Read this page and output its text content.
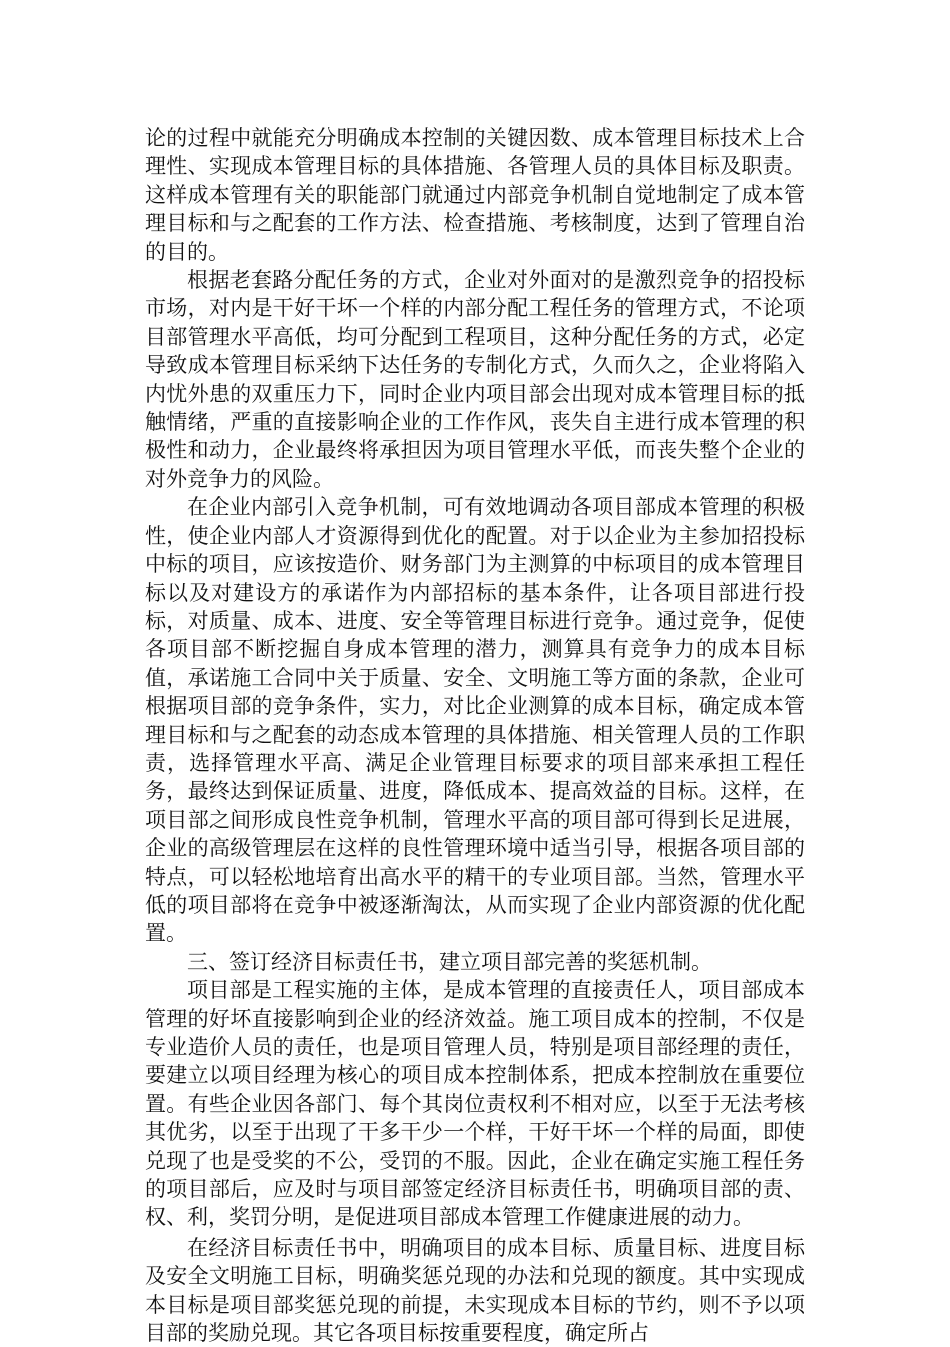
论的过程中就能充分明确成本控制的关键因数、成本管理目标技术上合理性、实现成本管理目标的具体措施、各管理人员的具体目标及职责。这样成本管理有关的职能部门就通过内部竞争机制自觉地制定了成本管理目标和与之配套的工作方法、检查措施、考核制度，达到了管理自治的目的。

根据老套路分配任务的方式，企业对外面对的是激烈竞争的招投标市场，对内是干好干坏一个样的内部分配工程任务的管理方式，不论项目部管理水平高低，均可分配到工程项目，这种分配任务的方式，必定导致成本管理目标采纳下达任务的专制化方式，久而久之，企业将陷入内忧外患的双重压力下，同时企业内项目部会出现对成本管理目标的抵触情绪，严重的直接影响企业的工作作风，丧失自主进行成本管理的积极性和动力，企业最终将承担因为项目管理水平低，而丧失整个企业的对外竞争力的风险。

在企业内部引入竞争机制，可有效地调动各项目部成本管理的积极性，使企业内部人才资源得到优化的配置。对于以企业为主参加招投标中标的项目，应该按造价、财务部门为主测算的中标项目的成本管理目标以及对建设方的承诺作为内部招标的基本条件，让各项目部进行投标，对质量、成本、进度、安全等管理目标进行竞争。通过竞争，促使各项目部不断挖掘自身成本管理的潜力，测算具有竞争力的成本目标值，承诺施工合同中关于质量、安全、文明施工等方面的条款，企业可根据项目部的竞争条件，实力，对比企业测算的成本目标，确定成本管理目标和与之配套的动态成本管理的具体措施、相关管理人员的工作职责，选择管理水平高、满足企业管理目标要求的项目部来承担工程任务，最终达到保证质量、进度，降低成本、提高效益的目标。这样，在项目部之间形成良性竞争机制，管理水平高的项目部可得到长足进展，企业的高级管理层在这样的良性管理环境中适当引导，根据各项目部的特点，可以轻松地培育出高水平的精干的专业项目部。当然，管理水平低的项目部将在竞争中被逐渐淘汰，从而实现了企业内部资源的优化配置。

三、签订经济目标责任书，建立项目部完善的奖惩机制。

项目部是工程实施的主体，是成本管理的直接责任人，项目部成本管理的好坏直接影响到企业的经济效益。施工项目成本的控制，不仅是专业造价人员的责任，也是项目管理人员，特别是项目部经理的责任，要建立以项目经理为核心的项目成本控制体系，把成本控制放在重要位置。有些企业因各部门、每个其岗位责权利不相对应，以至于无法考核其优劣，以至于出现了干多干少一个样，干好干坏一个样的局面，即使兑现了也是受奖的不公，受罚的不服。因此，企业在确定实施工程任务的项目部后，应及时与项目部签定经济目标责任书，明确项目部的责、权、利，奖罚分明，是促进项目部成本管理工作健康进展的动力。

在经济目标责任书中，明确项目的成本目标、质量目标、进度目标及安全文明施工目标，明确奖惩兑现的办法和兑现的额度。其中实现成本目标是项目部奖惩兑现的前提，未实现成本目标的节约，则不予以项目部的奖励兑现。其它各项目标按重要程度，确定所占
